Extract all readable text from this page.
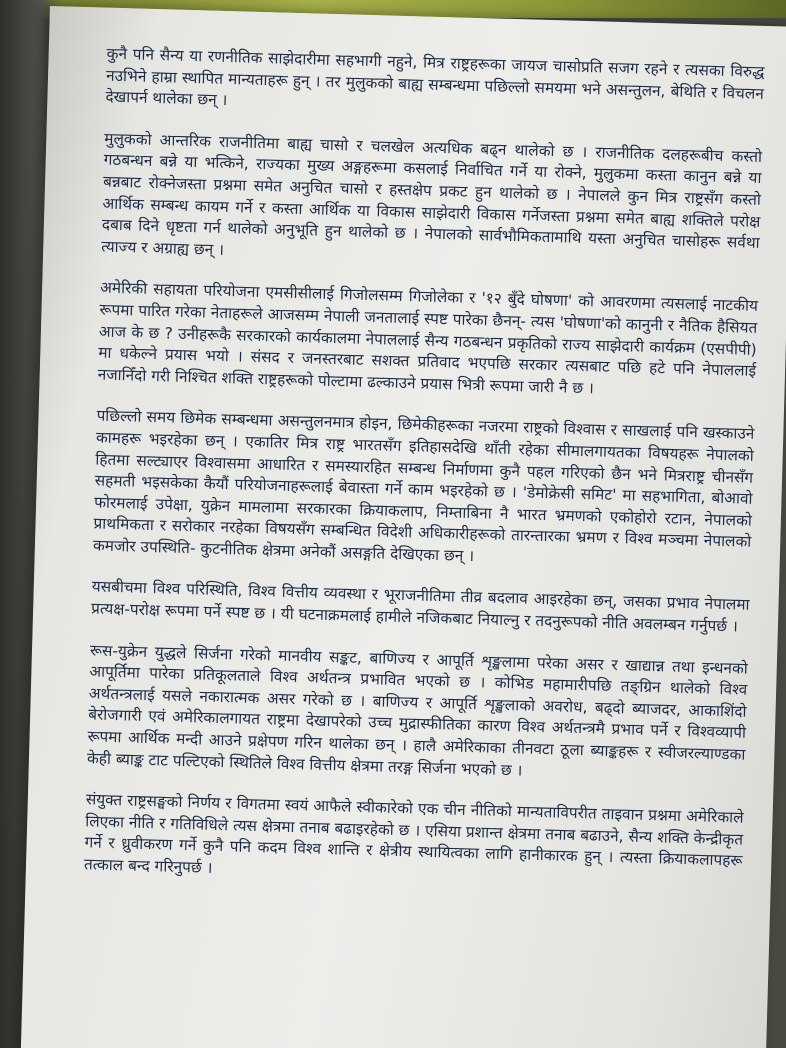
कुनै पनि सैन्य या रणनीतिक साझेदारीमा सहभागी नहुने, मित्र राष्ट्रहरूका जायज चासोप्रति सजग रहने र त्यसका विरुद्ध नउभिने हाम्रा स्थापित मान्यताहरू हुन् । तर मुलुकको बाह्य सम्बन्धमा पछिल्लो समयमा भने असन्तुलन, बेथिति र विचलन देखापर्न थालेका छन् ।

मुलुकको आन्तरिक राजनीतिमा बाह्य चासो र चलखेल अत्यधिक बढ्न थालेको छ । राजनीतिक दलहरूबीच कस्तो गठबन्धन बन्ने या भत्किने, राज्यका मुख्य अङ्गहरूमा कसलाई निर्वाचित गर्ने या रोक्ने, मुलुकमा कस्ता कानुन बन्ने या बन्नबाट रोक्नेजस्ता प्रश्नमा समेत अनुचित चासो र हस्तक्षेप प्रकट हुन थालेको छ । नेपालले कुन मित्र राष्ट्रसँग कस्तो आर्थिक सम्बन्ध कायम गर्ने र कस्ता आर्थिक या विकास साझेदारी विकास गर्नेजस्ता प्रश्नमा समेत बाह्य शक्तिले परोक्ष दबाब दिने धृष्टता गर्न थालेको अनुभूति हुन थालेको छ । नेपालको सार्वभौमिकतामाथि यस्ता अनुचित चासोहरू सर्वथा त्याज्य र अग्राह्य छन् ।

अमेरिकी सहायता परियोजना एमसीसीलाई गिजोलसम्म गिजोलेका र '१२ बुँदे घोषणा' को आवरणमा त्यसलाई नाटकीय रूपमा पारित गरेका नेताहरूले आजसम्म नेपाली जनतालाई स्पष्ट पारेका छैनन्- त्यस 'घोषणा'को कानुनी र नैतिक हैसियत आज के छ ? उनीहरूकै सरकारको कार्यकालमा नेपाललाई सैन्य गठबन्धन प्रकृतिको राज्य साझेदारी कार्यक्रम (एसपीपी) मा धकेल्ने प्रयास भयो । संसद र जनस्तरबाट सशक्त प्रतिवाद भएपछि सरकार त्यसबाट पछि हटे पनि नेपाललाई नजानिँदो गरी निश्चित शक्ति राष्ट्रहरूको पोल्टामा ढल्काउने प्रयास भित्री रूपमा जारी नै छ ।

पछिल्लो समय छिमेक सम्बन्धमा असन्तुलनमात्र होइन, छिमेकीहरूका नजरमा राष्ट्रको विश्वास र साखलाई पनि खस्काउने कामहरू भइरहेका छन् । एकातिर मित्र राष्ट्र भारतसँग इतिहासदेखि थाँती रहेका सीमालगायतका विषयहरू नेपालको हितमा सल्ट्याएर विश्वासमा आधारित र समस्यारहित सम्बन्ध निर्माणमा कुनै पहल गरिएको छैन भने मित्रराष्ट्र चीनसँग सहमती भइसकेका कैयौं परियोजनाहरूलाई बेवास्ता गर्ने काम भइरहेको छ । 'डेमोक्रेसी समिट' मा सहभागिता, बोआवो फोरमलाई उपेक्षा, युक्रेन मामलामा सरकारका क्रियाकलाप, निम्ताबिना नै भारत भ्रमणको एकोहोरो रटान, नेपालको प्राथमिकता र सरोकार नरहेका विषयसँग सम्बन्धित विदेशी अधिकारीहरूको तारन्तारका भ्रमण र विश्व मञ्चमा नेपालको कमजोर उपस्थिति- कुटनीतिक क्षेत्रमा अनेकौं असङ्गति देखिएका छन् ।

यसबीचमा विश्व परिस्थिति, विश्व वित्तीय व्यवस्था र भूराजनीतिमा तीव्र बदलाव आइरहेका छन्, जसका प्रभाव नेपालमा प्रत्यक्ष-परोक्ष रूपमा पर्ने स्पष्ट छ । यी घटनाक्रमलाई हामीले नजिकबाट नियाल्नु र तदनुरूपको नीति अवलम्बन गर्नुपर्छ ।

रूस-युक्रेन युद्धले सिर्जना गरेको मानवीय सङ्कट, बाणिज्य र आपूर्ति शृङ्खलामा परेका असर र खाद्यान्न तथा इन्धनको आपूर्तिमा पारेका प्रतिकूलताले विश्व अर्थतन्त्र प्रभावित भएको छ । कोभिड महामारीपछि तङ्ग्रिन थालेको विश्व अर्थतन्त्रलाई यसले नकारात्मक असर गरेको छ । बाणिज्य र आपूर्ति शृङ्खलाको अवरोध, बढ्दो ब्याजदर, आकाशिंदो बेरोजगारी एवं अमेरिकालगायत राष्ट्रमा देखापरेको उच्च मुद्रास्फीतिका कारण विश्व अर्थतन्त्रमै प्रभाव पर्ने र विश्वव्यापी रूपमा आर्थिक मन्दी आउने प्रक्षेपण गरिन थालेका छन् । हालै अमेरिकाका तीनवटा ठूला ब्याङ्कहरू र स्वीजरल्याण्डका केही ब्याङ्क टाट पल्टिएको स्थितिले विश्व वित्तीय क्षेत्रमा तरङ्ग सिर्जना भएको छ ।

संयुक्त राष्ट्रसङ्घको निर्णय र विगतमा स्वयं आफैले स्वीकारेको एक चीन नीतिको मान्यताविपरीत ताइवान प्रश्नमा अमेरिकाले लिएका नीति र गतिविधिले त्यस क्षेत्रमा तनाब बढाइरहेको छ । एसिया प्रशान्त क्षेत्रमा तनाब बढाउने, सैन्य शक्ति केन्द्रीकृत गर्ने र ध्रुवीकरण गर्ने कुनै पनि कदम विश्व शान्ति र क्षेत्रीय स्थायित्वका लागि हानीकारक हुन् । त्यस्ता क्रियाकलापहरू तत्काल बन्द गरिनुपर्छ ।
